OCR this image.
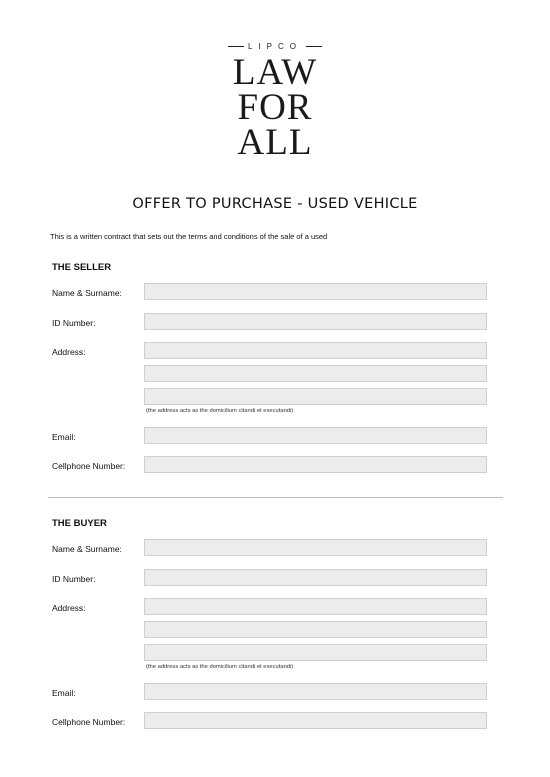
LIPCO
LAW
FOR
ALL
OFFER TO PURCHASE - USED VEHICLE
This is a written contract that sets out the terms and conditions of the sale of a used
THE SELLER
Name & Surname:
ID Number:
Address:
(the address acts as the domicilium citandi et executandi)
Email:
Cellphone Number:
THE BUYER
Name & Surname:
ID Number:
Address:
(the address acts as the domicilium citandi et executandi)
Email:
Cellphone Number:
